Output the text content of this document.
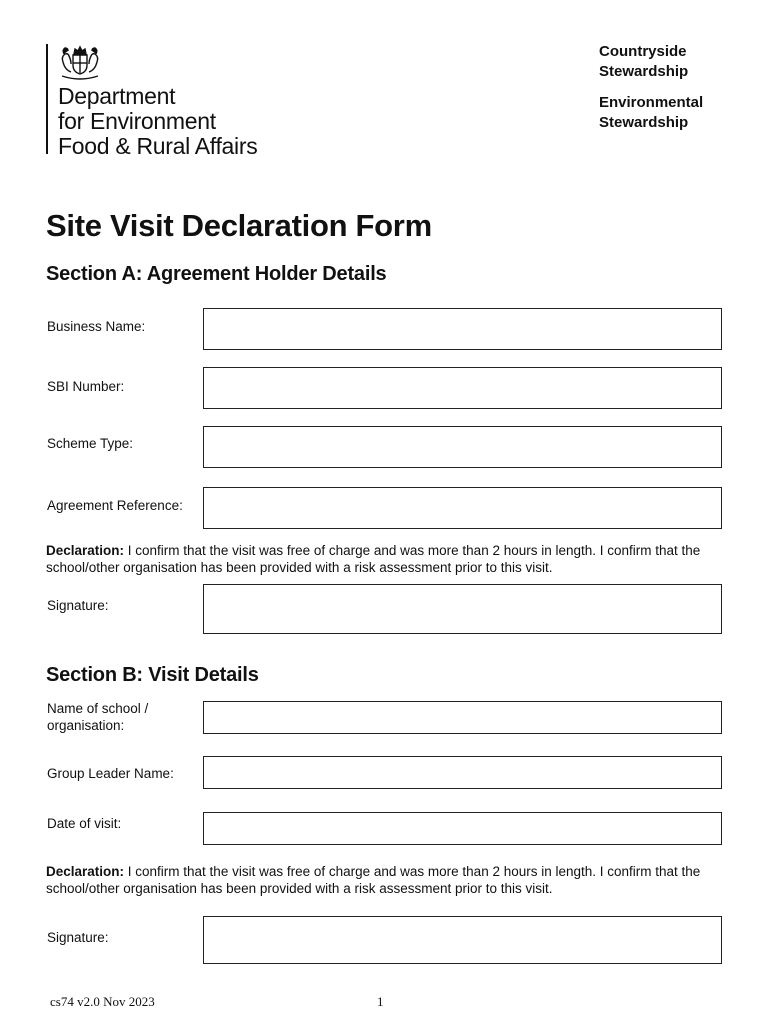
Department
for Environment
Food & Rural Affairs
Countryside
Stewardship
Environmental
Stewardship
Site Visit Declaration Form
Section A: Agreement Holder Details
Business Name:
SBI Number:
Scheme Type:
Agreement Reference:
Declaration: I confirm that the visit was free of charge and was more than 2 hours in length. I confirm that the school/other organisation has been provided with a risk assessment prior to this visit.
Signature:
Section B: Visit Details
Name of school /
organisation:
Group Leader Name:
Date of visit:
Declaration: I confirm that the visit was free of charge and was more than 2 hours in length. I confirm that the school/other organisation has been provided with a risk assessment prior to this visit.
Signature:
cs74 v2.0 Nov 2023	1
